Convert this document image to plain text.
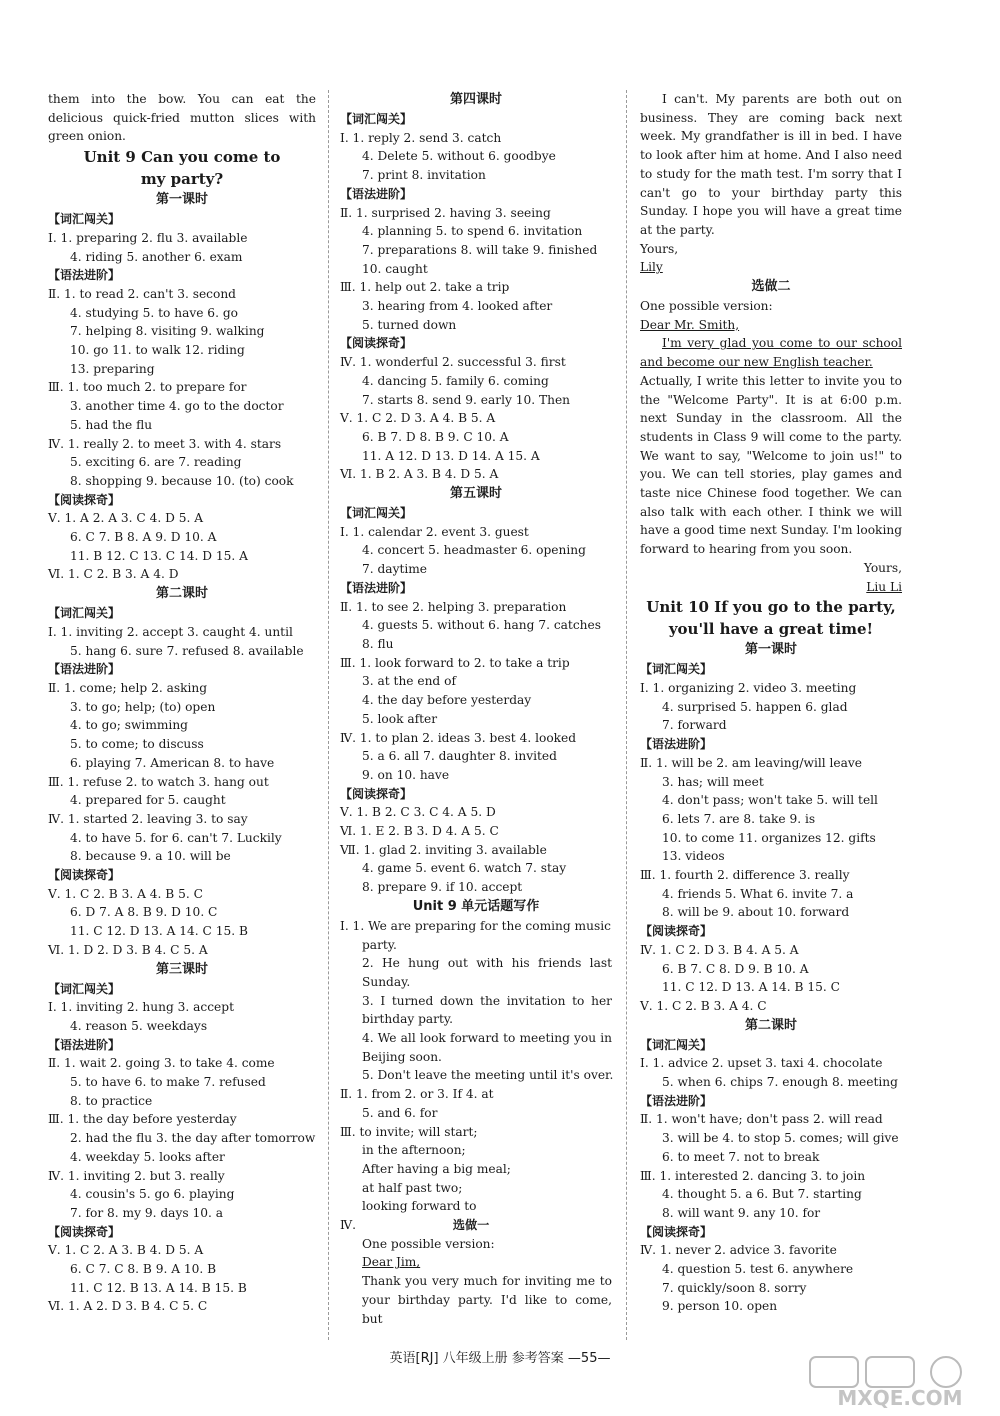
them into the bow. You can eat the delicious quick-fried mutton slices with green onion.
Unit 9 Can you come to
my party?
第一课时
【词汇闯关】
Ⅰ. 1. preparing 2. flu 3. available
4. riding 5. another 6. exam
【语法进阶】
Ⅱ. 1. to read 2. can't 3. second
4. studying 5. to have 6. go
7. helping 8. visiting 9. walking
10. go 11. to walk 12. riding
13. preparing
Ⅲ. 1. too much 2. to prepare for
3. another time 4. go to the doctor
5. had the flu
Ⅳ. 1. really 2. to meet 3. with 4. stars
5. exciting 6. are 7. reading
8. shopping 9. because 10. (to) cook
【阅读探奇】
Ⅴ. 1. A 2. A 3. C 4. D 5. A
6. C 7. B 8. A 9. D 10. A
11. B 12. C 13. C 14. D 15. A
Ⅵ. 1. C 2. B 3. A 4. D
第二课时
【词汇闯关】
Ⅰ. 1. inviting 2. accept 3. caught 4. until
5. hang 6. sure 7. refused 8. available
【语法进阶】
Ⅱ. 1. come; help 2. asking
3. to go; help; (to) open
4. to go; swimming
5. to come; to discuss
6. playing 7. American 8. to have
Ⅲ. 1. refuse 2. to watch 3. hang out
4. prepared for 5. caught
Ⅳ. 1. started 2. leaving 3. to say
4. to have 5. for 6. can't 7. Luckily
8. because 9. a 10. will be
【阅读探奇】
Ⅴ. 1. C 2. B 3. A 4. B 5. C
6. D 7. A 8. B 9. D 10. C
11. C 12. D 13. A 14. C 15. B
Ⅵ. 1. D 2. D 3. B 4. C 5. A
第三课时
【词汇闯关】
Ⅰ. 1. inviting 2. hung 3. accept
4. reason 5. weekdays
【语法进阶】
Ⅱ. 1. wait 2. going 3. to take 4. come
5. to have 6. to make 7. refused
8. to practice
Ⅲ. 1. the day before yesterday
2. had the flu 3. the day after tomorrow
4. weekday 5. looks after
Ⅳ. 1. inviting 2. but 3. really
4. cousin's 5. go 6. playing
7. for 8. my 9. days 10. a
【阅读探奇】
Ⅴ. 1. C 2. A 3. B 4. D 5. A
6. C 7. C 8. B 9. A 10. B
11. C 12. B 13. A 14. B 15. B
Ⅵ. 1. A 2. D 3. B 4. C 5. C
第四课时
【词汇闯关】
Ⅰ. 1. reply 2. send 3. catch
4. Delete 5. without 6. goodbye
7. print 8. invitation
【语法进阶】
Ⅱ. 1. surprised 2. having 3. seeing
4. planning 5. to spend 6. invitation
7. preparations 8. will take 9. finished
10. caught
Ⅲ. 1. help out 2. take a trip
3. hearing from 4. looked after
5. turned down
【阅读探奇】
Ⅳ. 1. wonderful 2. successful 3. first
4. dancing 5. family 6. coming
7. starts 8. send 9. early 10. Then
Ⅴ. 1. C 2. D 3. A 4. B 5. A
6. B 7. D 8. B 9. C 10. A
11. A 12. D 13. D 14. A 15. A
Ⅵ. 1. B 2. A 3. B 4. D 5. A
第五课时
【词汇闯关】
Ⅰ. 1. calendar 2. event 3. guest
4. concert 5. headmaster 6. opening
7. daytime
【语法进阶】
Ⅱ. 1. to see 2. helping 3. preparation
4. guests 5. without 6. hang 7. catches
8. flu
Ⅲ. 1. look forward to 2. to take a trip
3. at the end of
4. the day before yesterday
5. look after
Ⅳ. 1. to plan 2. ideas 3. best 4. looked
5. a 6. all 7. daughter 8. invited
9. on 10. have
【阅读探奇】
Ⅴ. 1. B 2. C 3. C 4. A 5. D
Ⅵ. 1. E 2. B 3. D 4. A 5. C
Ⅶ. 1. glad 2. inviting 3. available
4. game 5. event 6. watch 7. stay
8. prepare 9. if 10. accept
Unit 9 单元话题写作
Ⅰ. 1. We are preparing for the coming music
party.
2. He hung out with his friends last Sunday.
3. I turned down the invitation to her birthday party.
4. We all look forward to meeting you in Beijing soon.
5. Don't leave the meeting until it's over.
Ⅱ. 1. from 2. or 3. If 4. at
5. and 6. for
Ⅲ. to invite; will start;
in the afternoon;
After having a big meal;
at half past two;
looking forward to
Ⅳ.	选做一
One possible version:
Dear Jim,
Thank you very much for inviting me to your birthday party. I'd like to come, but
I can't. My parents are both out on business. They are coming back next week. My grandfather is ill in bed. I have to look after him at home. And I also need to study for the math test. I'm sorry that I can't go to your birthday party this Sunday. I hope you will have a great time at the party.
Yours,
Lily
选做二
One possible version:
Dear Mr. Smith,
I'm very glad you come to our school and become our new English teacher.
Actually, I write this letter to invite you to the "Welcome Party". It is at 6:00 p.m. next Sunday in the classroom. All the students in Class 9 will come to the party. We want to say, "Welcome to join us!" to you. We can tell stories, play games and taste nice Chinese food together. We can also talk with each other. I think we will have a good time next Sunday. I'm looking forward to hearing from you soon.
Yours,
Liu Li
Unit 10 If you go to the party,
you'll have a great time!
第一课时
【词汇闯关】
Ⅰ. 1. organizing 2. video 3. meeting
4. surprised 5. happen 6. glad
7. forward
【语法进阶】
Ⅱ. 1. will be 2. am leaving/will leave
3. has; will meet
4. don't pass; won't take 5. will tell
6. lets 7. are 8. take 9. is
10. to come 11. organizes 12. gifts
13. videos
Ⅲ. 1. fourth 2. difference 3. really
4. friends 5. What 6. invite 7. a
8. will be 9. about 10. forward
【阅读探奇】
Ⅳ. 1. C 2. D 3. B 4. A 5. A
6. B 7. C 8. D 9. B 10. A
11. C 12. D 13. A 14. B 15. C
Ⅴ. 1. C 2. B 3. A 4. C
第二课时
【词汇闯关】
Ⅰ. 1. advice 2. upset 3. taxi 4. chocolate
5. when 6. chips 7. enough 8. meeting
【语法进阶】
Ⅱ. 1. won't have; don't pass 2. will read
3. will be 4. to stop 5. comes; will give
6. to meet 7. not to break
Ⅲ. 1. interested 2. dancing 3. to join
4. thought 5. a 6. But 7. starting
8. will want 9. any 10. for
【阅读探奇】
Ⅳ. 1. never 2. advice 3. favorite
4. question 5. test 6. anywhere
7. quickly/soon 8. sorry
9. person 10. open
英语[RJ] 八年级上册 参考答案 —55—
MXQE.COM
